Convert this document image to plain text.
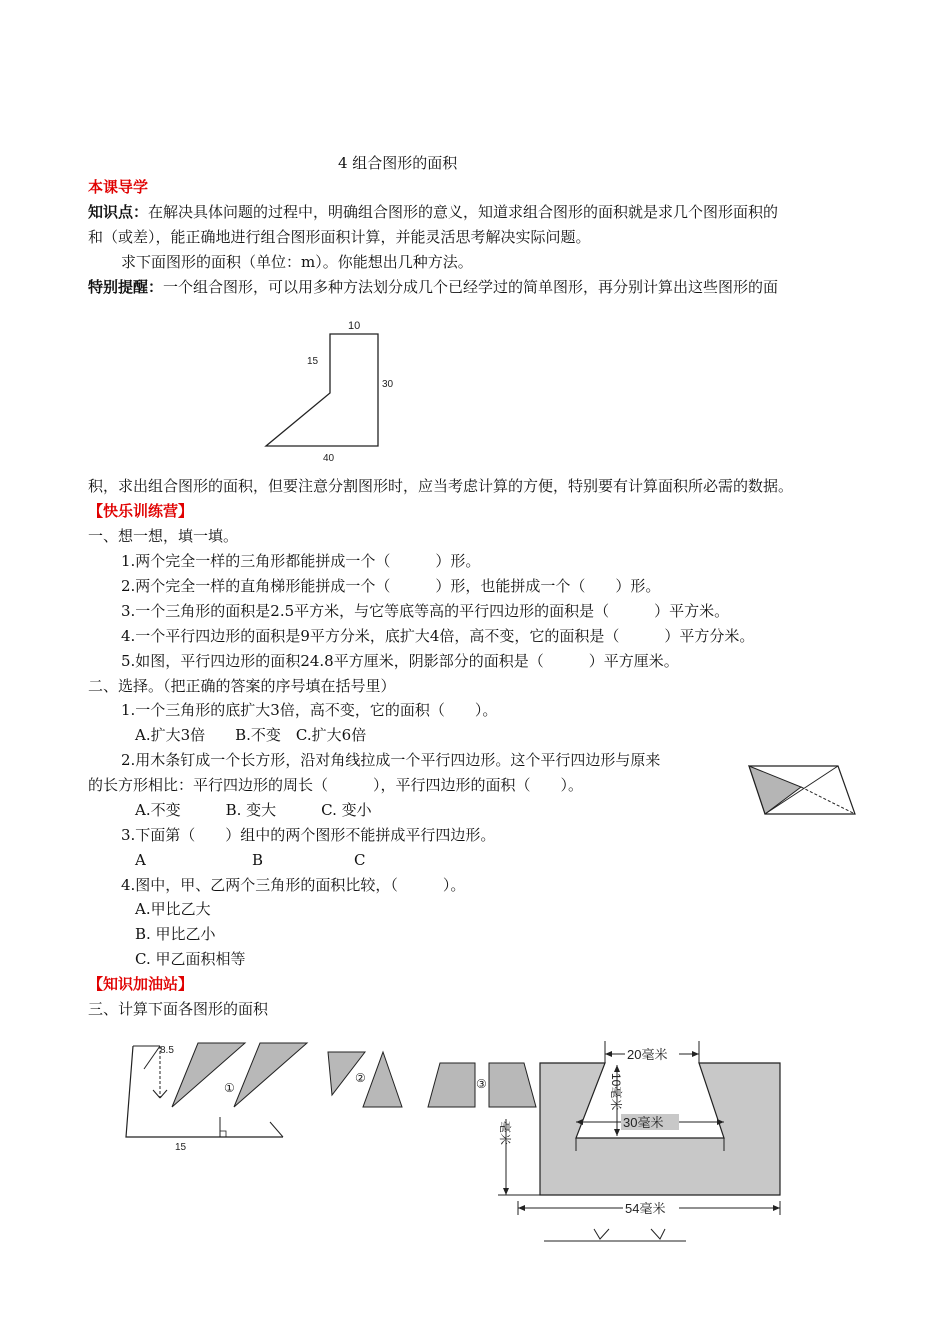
4 组合图形的面积
本课导学
知识点：在解决具体问题的过程中，明确组合图形的意义，知道求组合图形的面积就是求几个图形面积的
和（或差），能正确地进行组合图形面积计算，并能灵活思考解决实际问题。
求下面图形的面积（单位：m）。你能想出几种方法。
特别提醒：一个组合图形，可以用多种方法划分成几个已经学过的简单图形，再分别计算出这些图形的面
10
15
30
40
积，求出组合图形的面积，但要注意分割图形时，应当考虑计算的方便，特别要有计算面积所必需的数据。
【快乐训练营】
一、想一想，填一填。
1.两个完全一样的三角形都能拼成一个（　　　）形。
2.两个完全一样的直角梯形能拼成一个（　　　）形，也能拼成一个（　　）形。
3.一个三角形的面积是2.5平方米，与它等底等高的平行四边形的面积是（　　　）平方米。
4.一个平行四边形的面积是9平方分米，底扩大4倍，高不变，它的面积是（　　　）平方分米。
5.如图，平行四边形的面积24.8平方厘米，阴影部分的面积是（　　　）平方厘米。
二、选择。（把正确的答案的序号填在括号里）
1.一个三角形的底扩大3倍，高不变，它的面积（　　）。
A.扩大3倍　　B.不变　C.扩大6倍
2.用木条钉成一个长方形，沿对角线拉成一个平行四边形。这个平行四边形与原来
的长方形相比：平行四边形的周长（　　　），平行四边形的面积（　　）。
A.不变　　　B. 变大　　　C. 变小
3.下面第（　　）组中的两个图形不能拼成平行四边形。
A	B	C
4.图中，甲、乙两个三角形的面积比较，（　　　）。
A.甲比乙大
B. 甲比乙小
C. 甲乙面积相等
【知识加油站】
三、计算下面各图形的面积
8.5
15
①
②	③
20毫米
10毫米
30毫米
毫米
54毫米
